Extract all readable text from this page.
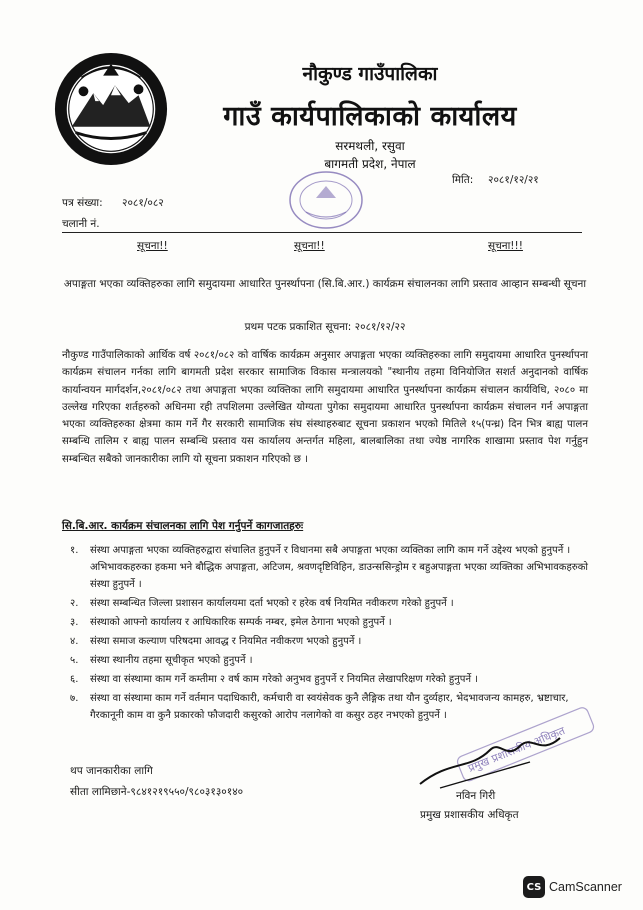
नौकुण्ड गाउँपालिका
गाउँ कार्यपालिकाको कार्यालय
सरमथली, रसुवा
बागमती प्रदेश, नेपाल
मिति: २०८१/१२/२१
पत्र संख्या: २०८१/०८२
चलानी नं.
सूचना!!	सूचना!!	सूचना!!!
अपाङ्गता भएका व्यक्तिहरुका लागि समुदायमा आधारित पुनर्स्थापना (सि.बि.आर.) कार्यक्रम संचालनका लागि प्रस्ताव आव्हान सम्बन्धी सूचना
प्रथम पटक प्रकाशित सूचना: २०८१/१२/२२
नौकुण्ड गाउँपालिकाको आर्थिक वर्ष २०८१/०८२ को वार्षिक कार्यक्रम अनुसार अपाङ्गता भएका व्यक्तिहरुका लागि समुदायमा आधारित पुनर्स्थापना कार्यक्रम संचालन गर्नका लागि बागमती प्रदेश सरकार सामाजिक विकास मन्त्रालयको "स्थानीय तहमा विनियोजित सशर्त अनुदानको वार्षिक कार्यान्वयन मार्गदर्शन,२०८१/०८२ तथा अपाङ्गता भएका व्यक्तिका लागि समुदायमा आधारित पुनर्स्थापना कार्यक्रम संचालन कार्यविधि, २०८० मा उल्लेख गरिएका शर्तहरुको अधिनमा रही तपशिलमा उल्लेखित योग्यता पुगेका समुदायमा आधारित पुनर्स्थापना कार्यक्रम संचालन गर्न अपाङ्गता भएका व्यक्तिहरुका क्षेत्रमा काम गर्ने गैर सरकारी सामाजिक संघ संस्थाहरुबाट सूचना प्रकाशन भएको मितिले १५(पन्ध्र) दिन भित्र बाह्य पालन सम्बन्धि तालिम र बाह्य पालन सम्बन्धि प्रस्ताव यस कार्यालय अन्तर्गत महिला, बालबालिका तथा ज्येष्ठ नागरिक शाखामा प्रस्ताव पेश गर्नुहुन सम्बन्धित सबैको जानकारीका लागि यो सूचना प्रकाशन गरिएको छ ।
सि.बि.आर. कार्यक्रम संचालनका लागि पेश गर्नुपर्ने कागजातहरुः
१. संस्था अपाङ्गता भएका व्यक्तिहरुद्वारा संचालित हुनुपर्ने र विधानमा सबै अपाङ्गता भएका व्यक्तिका लागि काम गर्ने उद्देश्य भएको हुनुपर्ने । अभिभावकहरुका हकमा भने बौद्धिक अपाङ्गता, अटिजम, श्रवणदृष्टिविहिन, डाउन्ससिन्ड्रोम र बहुअपाङ्गता भएका व्यक्तिका अभिभावकहरुको संस्था हुनुपर्ने ।
२. संस्था सम्बन्धित जिल्ला प्रशासन कार्यालयमा दर्ता भएको र हरेक वर्ष नियमित नवीकरण गरेको हुनुपर्ने ।
३. संस्थाको आफ्नो कार्यालय र आधिकारिक सम्पर्क नम्बर, इमेल ठेगाना भएको हुनुपर्ने ।
४. संस्था समाज कल्याण परिषदमा आवद्ध र नियमित नवीकरण भएको हुनुपर्ने ।
५. संस्था स्थानीय तहमा सूचीकृत भएको हुनुपर्ने ।
६. संस्था वा संस्थामा काम गर्ने कम्तीमा २ वर्ष काम गरेको अनुभव हुनुपर्ने र नियमित लेखापरिक्षण गरेको हुनुपर्ने ।
७. संस्था वा संस्थामा काम गर्ने वर्तमान पदाधिकारी, कर्मचारी वा स्वयंसेवक कुनै लैङ्गिक तथा यौन दुर्व्यहार, भेदभावजन्य कामहरु, भ्रष्टाचार, गैरकानूनी काम वा कुनै प्रकारको फौजदारी कसुरको आरोप नलागेको वा कसुर ठहर नभएको हुनुपर्ने ।
प्रमुख प्रशासकीय अधिकृत
थप जानकारीका लागि
सीता लामिछाने-९८४१२१९५५०/९८०३१३०१४०	नविन गिरी
प्रमुख प्रशासकीय अधिकृत
CS CamScanner
